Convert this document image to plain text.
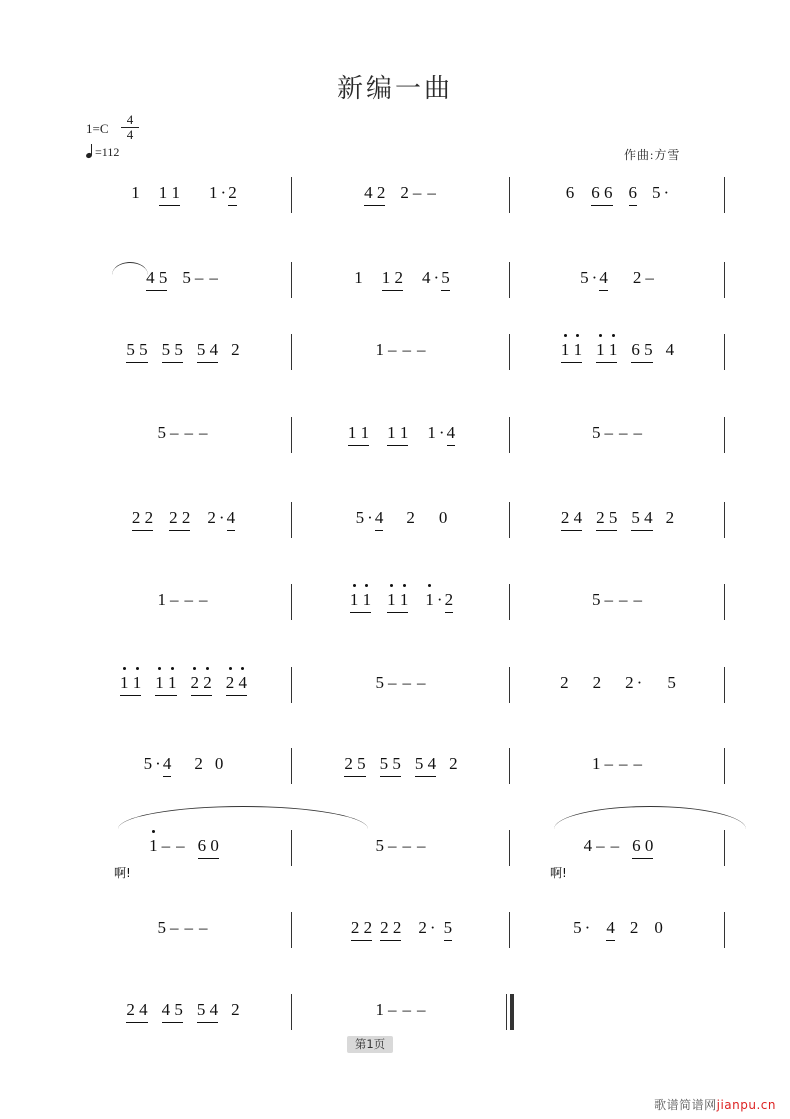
新编一曲
$1=C \frac{4}{4}$
=112	作曲:方雪
1 1 1 1 · 2	4 2 2 – –	6 6 6 6 5 ·
4 5 5 – –	1 1 2 4 · 5	5 · 4 2 –
5 5 5 5 5 4 2	1 – – –	1 1 1 1 6 5 4
5 – – –	1 1 1 1 1 · 4	5 – – –
2 2 2 2 2 · 4	5 · 4 2 0	2 4 2 5 5 4 2
1 – – –	1 1 1 1 1 · 2	5 – – –
1 1 1 1 2 2 2 4	5 – – –	2 2 2 · 5
5 · 4 2 0	2 5 5 5 5 4 2	1 – – –
1 – – 6 0
啊!
5 – – –	4 – – 6 0
啊!
5 – – –	2 2 2 2 2 · 5	5 · 4 2 0
2 4 4 5 5 4 2	1 – – –
第1页
歌谱简谱网jianpu.cn
